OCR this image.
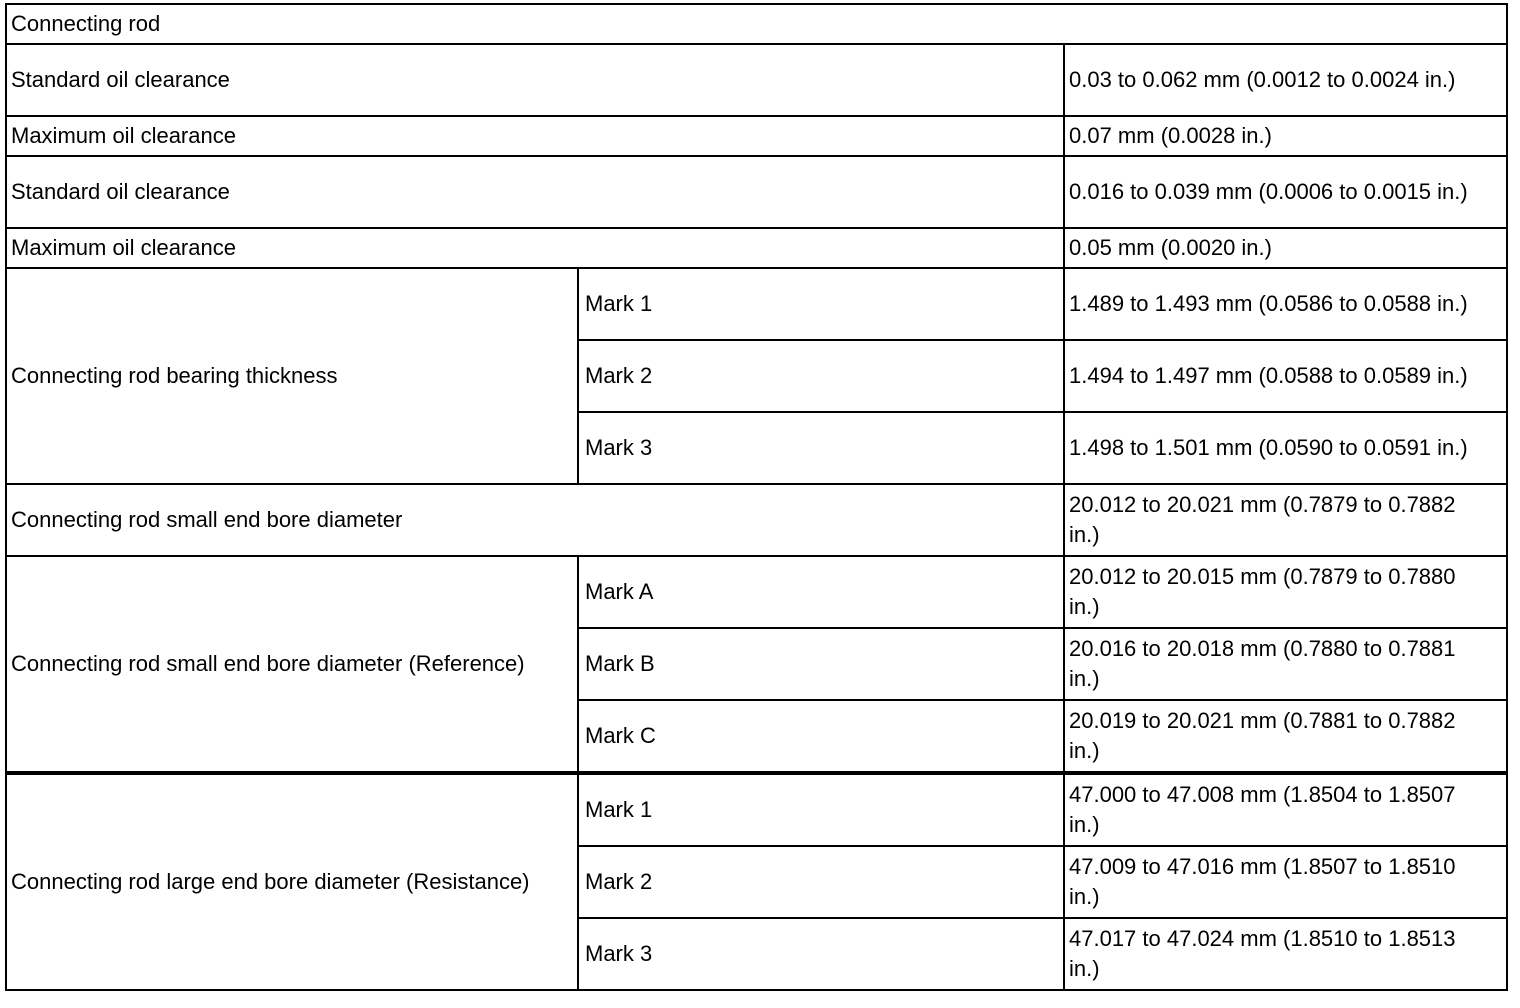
Connecting rod		
Standard oil clearance		0.03 to 0.062 mm (0.0012 to 0.0024 in.)
Maximum oil clearance		0.07 mm (0.0028 in.)
Standard oil clearance		0.016 to 0.039 mm (0.0006 to 0.0015 in.)
Maximum oil clearance		0.05 mm (0.0020 in.)
Connecting rod bearing thickness	Mark 1	1.489 to 1.493 mm (0.0586 to 0.0588 in.)
	Mark 2	1.494 to 1.497 mm (0.0588 to 0.0589 in.)
	Mark 3	1.498 to 1.501 mm (0.0590 to 0.0591 in.)
Connecting rod small end bore diameter		20.012 to 20.021 mm (0.7879 to 0.7882 in.)
Connecting rod small end bore diameter (Reference)	Mark A	20.012 to 20.015 mm (0.7879 to 0.7880 in.)
	Mark B	20.016 to 20.018 mm (0.7880 to 0.7881 in.)
	Mark C	20.019 to 20.021 mm (0.7881 to 0.7882 in.)
Connecting rod large end bore diameter (Resistance)	Mark 1	47.000 to 47.008 mm (1.8504 to 1.8507 in.)
	Mark 2	47.009 to 47.016 mm (1.8507 to 1.8510 in.)
	Mark 3	47.017 to 47.024 mm (1.8510 to 1.8513 in.)
